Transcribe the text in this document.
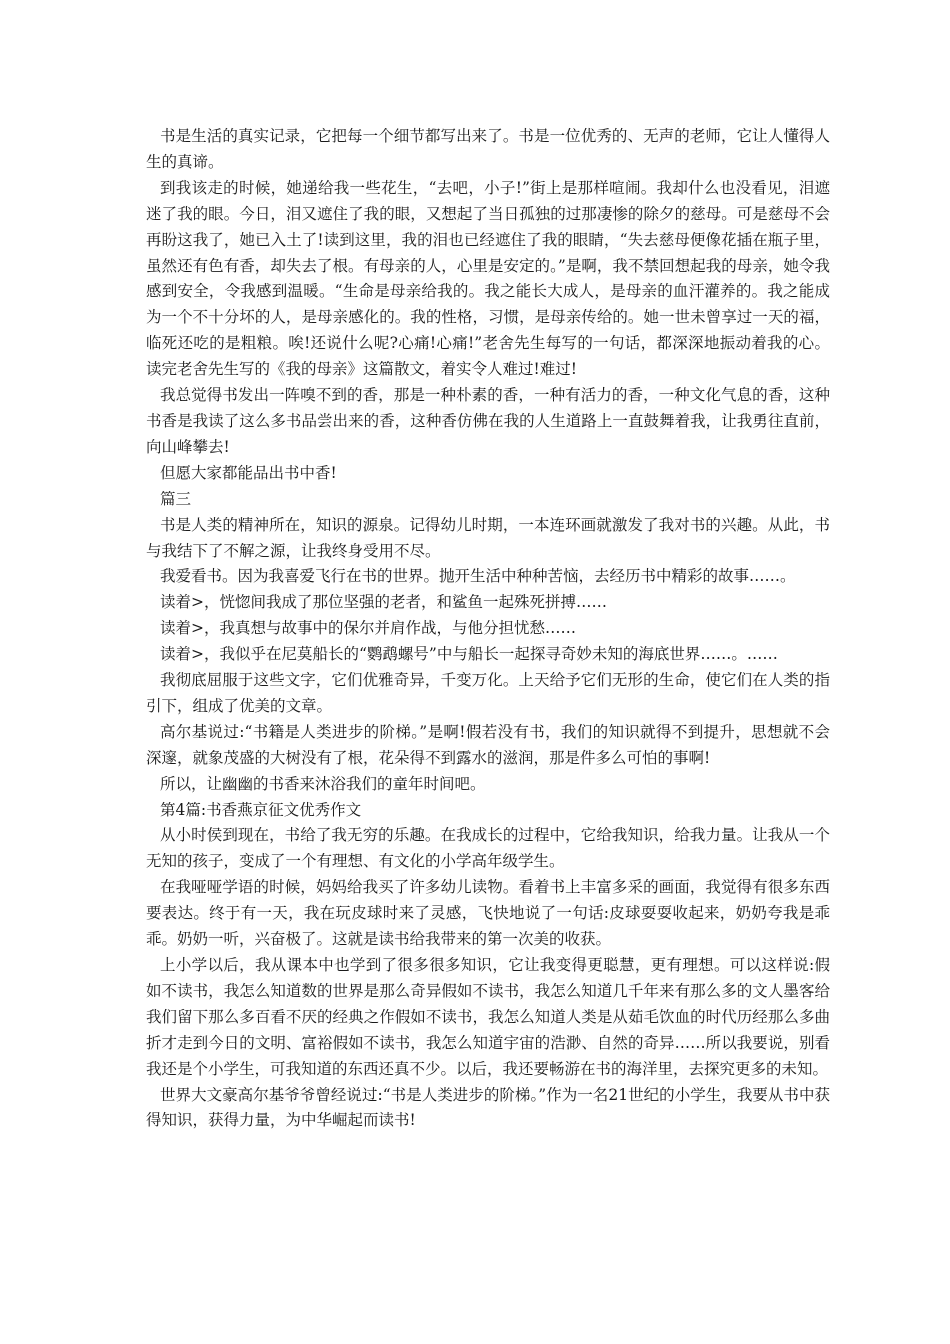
书是生活的真实记录，它把每一个细节都写出来了。书是一位优秀的、无声的老师，它让人懂得人生的真谛。

到我该走的时候，她递给我一些花生，“去吧，小子!”街上是那样喧闹。我却什么也没看见，泪遮迷了我的眼。今日，泪又遮住了我的眼，又想起了当日孤独的过那凄惨的除夕的慈母。可是慈母不会再盼这我了，她已入土了!读到这里，我的泪也已经遮住了我的眼睛，“失去慈母便像花插在瓶子里，虽然还有色有香，却失去了根。有母亲的人，心里是安定的。”是啊，我不禁回想起我的母亲，她令我感到安全，令我感到温暖。“生命是母亲给我的。我之能长大成人，是母亲的血汗灌养的。我之能成为一个不十分坏的人，是母亲感化的。我的性格，习惯，是母亲传给的。她一世未曾享过一天的福，临死还吃的是粗粮。唉!还说什么呢?心痛!心痛!”老舍先生每写的一句话，都深深地振动着我的心。读完老舍先生写的《我的母亲》这篇散文，着实令人难过!难过!

我总觉得书发出一阵嗅不到的香，那是一种朴素的香，一种有活力的香，一种文化气息的香，这种书香是我读了这么多书品尝出来的香，这种香仿佛在我的人生道路上一直鼓舞着我，让我勇往直前，向山峰攀去!

但愿大家都能品出书中香!

篇三

书是人类的精神所在，知识的源泉。记得幼儿时期，一本连环画就激发了我对书的兴趣。从此，书与我结下了不解之源，让我终身受用不尽。

我爱看书。因为我喜爱飞行在书的世界。抛开生活中种种苦恼，去经历书中精彩的故事……。

读着>，恍惚间我成了那位坚强的老者，和鲨鱼一起殊死拼搏……

读着>，我真想与故事中的保尔并肩作战，与他分担忧愁……

读着>，我似乎在尼莫船长的“鹦鹉螺号”中与船长一起探寻奇妙未知的海底世界……。……

我彻底屈服于这些文字，它们优雅奇异，千变万化。上天给予它们无形的生命，使它们在人类的指引下，组成了优美的文章。

高尔基说过:“书籍是人类进步的阶梯。”是啊!假若没有书，我们的知识就得不到提升，思想就不会深邃，就象茂盛的大树没有了根，花朵得不到露水的滋润，那是件多么可怕的事啊!

所以，让幽幽的书香来沐浴我们的童年时间吧。

第4篇:书香燕京征文优秀作文

从小时侯到现在，书给了我无穷的乐趣。在我成长的过程中，它给我知识，给我力量。让我从一个无知的孩子，变成了一个有理想、有文化的小学高年级学生。

在我哑哑学语的时候，妈妈给我买了许多幼儿读物。看着书上丰富多采的画面，我觉得有很多东西要表达。终于有一天，我在玩皮球时来了灵感，飞快地说了一句话:皮球耍耍收起来，奶奶夸我是乖乖。奶奶一听，兴奋极了。这就是读书给我带来的第一次美的收获。

上小学以后，我从课本中也学到了很多很多知识，它让我变得更聪慧，更有理想。可以这样说:假如不读书，我怎么知道数的世界是那么奇异假如不读书，我怎么知道几千年来有那么多的文人墨客给我们留下那么多百看不厌的经典之作假如不读书，我怎么知道人类是从茹毛饮血的时代历经那么多曲折才走到今日的文明、富裕假如不读书，我怎么知道宇宙的浩渺、自然的奇异……所以我要说，别看我还是个小学生，可我知道的东西还真不少。以后，我还要畅游在书的海洋里，去探究更多的未知。

世界大文豪高尔基爷爷曾经说过:“书是人类进步的阶梯。”作为一名21世纪的小学生，我要从书中获得知识，获得力量，为中华崛起而读书!
